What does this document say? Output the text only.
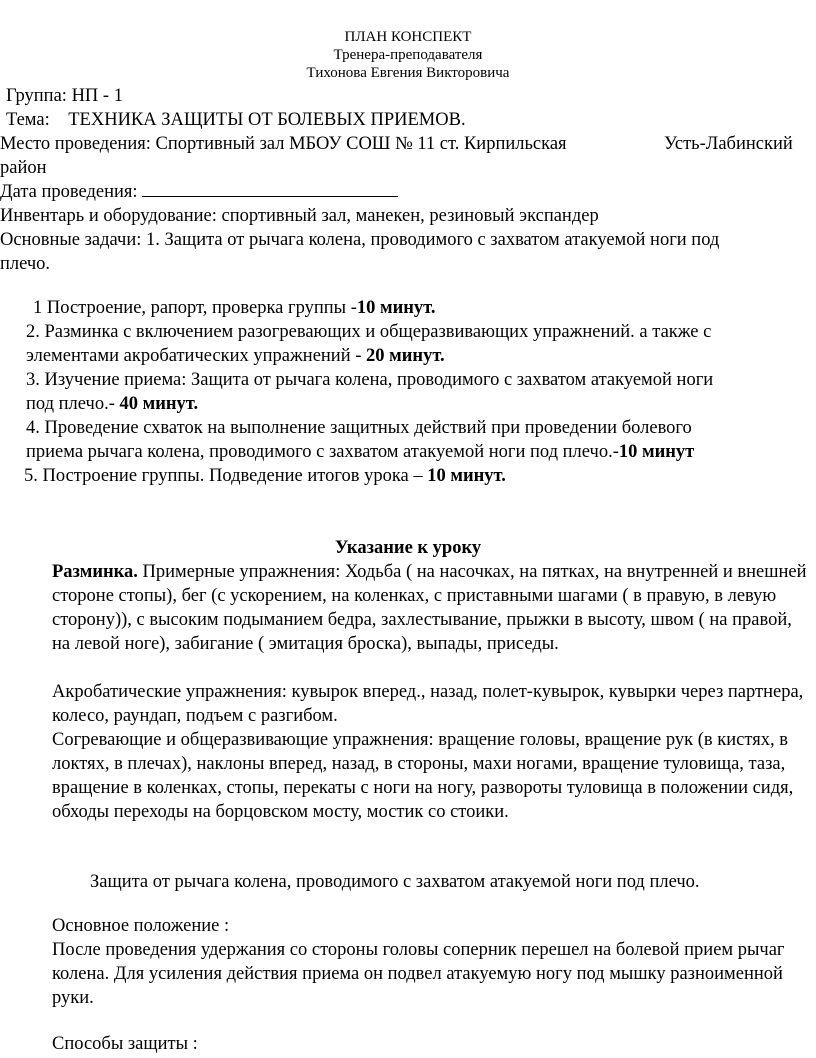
ПЛАН КОНСПЕКТ
Тренера-преподавателя
Тихонова Евгения Викторовича
Группа: НП - 1
Тема: ТЕХНИКА ЗАЩИТЫ ОТ БОЛЕВЫХ ПРИЕМОВ.
Место проведения: Спортивный зал МБОУ СОШ № 11 ст. Кирпильская	Усть-Лабинский
район
Дата проведения:
Инвентарь и оборудование: спортивный зал, манекен, резиновый экспандер
Основные задачи: 1. Защита от рычага колена, проводимого с захватом атакуемой ноги под
плечо.
1 Построение, рапорт, проверка группы -10 минут.
2. Разминка с включением разогревающих и общеразвивающих упражнений. а также с
элементами акробатических упражнений - 20 минут.
3. Изучение приема: Защита от рычага колена, проводимого с захватом атакуемой ноги
под плечо.- 40 минут.
4. Проведение схваток на выполнение защитных действий при проведении болевого
приема рычага колена, проводимого с захватом атакуемой ноги под плечо.-10 минут
5. Построение группы. Подведение итогов урока – 10 минут.
Указание к уроку
Разминка. Примерные упражнения: Ходьба ( на насочках, на пятках, на внутренней и внешней стороне стопы), бег (с ускорением, на коленках, с приставными шагами ( в правую, в левую сторону)), с высоким подыманием бедра, захлестывание, прыжки в высоту, швом ( на правой, на левой ноге), забигание ( эмитация броска), выпады, приседы.
Акробатические упражнения: кувырок вперед., назад, полет-кувырок, кувырки через партнера, колесо, раундап, подъем с разгибом.
Согревающие и общеразвивающие упражнения: вращение головы, вращение рук (в кистях, в локтях, в плечах), наклоны вперед, назад, в стороны, махи ногами, вращение туловища, таза, вращение в коленках, стопы, перекаты с ноги на ногу, развороты туловища в положении сидя, обходы переходы на борцовском мосту, мостик со стоики.
Защита от рычага колена, проводимого с захватом атакуемой ноги под плечо.
Основное положение :
После проведения удержания со стороны головы соперник перешел на болевой прием рычаг колена. Для усиления действия приема он подвел атакуемую ногу под мышку разноименной руки.
Способы защиты :
